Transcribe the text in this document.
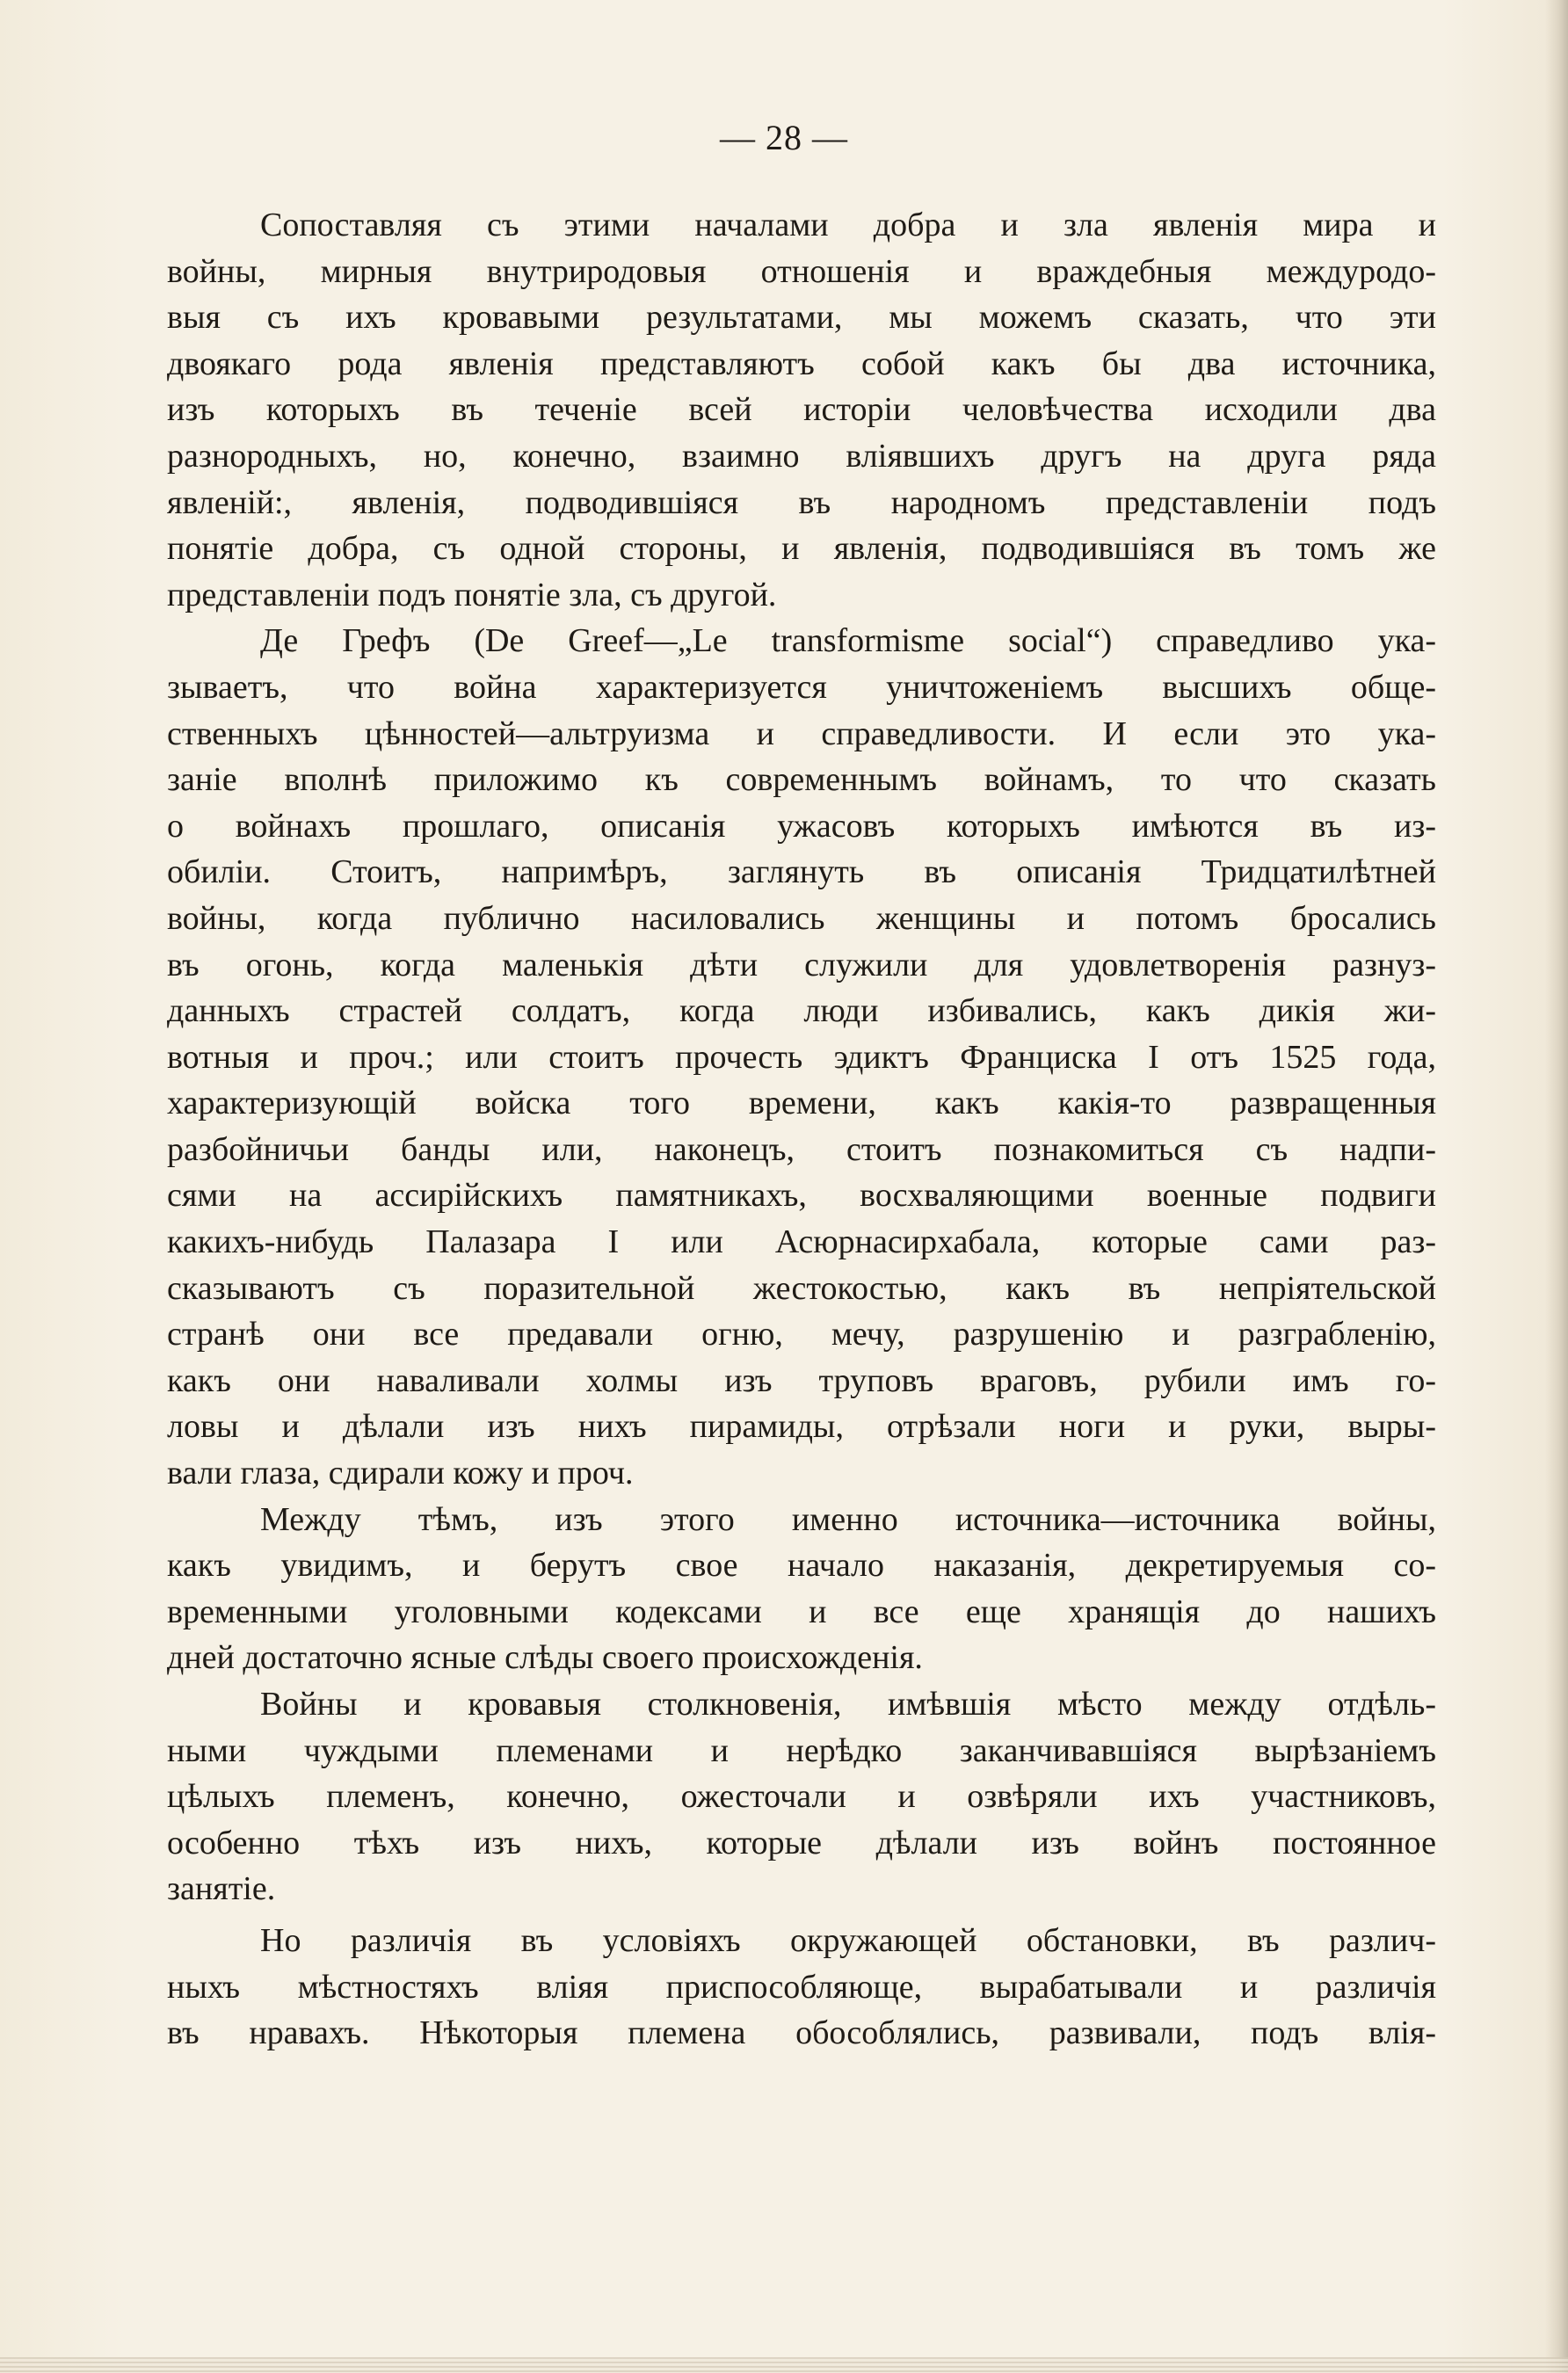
— 28 —

Сопоставляя съ этими началами добра и зла явленія мира и
войны, мирныя внутриродовыя отношенія и враждебныя междуродо-
выя съ ихъ кровавыми результатами, мы можемъ сказать, что эти
двоякаго рода явленія представляютъ собой какъ бы два источника,
изъ которыхъ въ теченіе всей исторіи человѣчества исходили два
разнородныхъ, но, конечно, взаимно вліявшихъ другъ на друга ряда
явленій:, явленія, подводившіяся въ народномъ представленіи подъ
понятіе добра, съ одной стороны, и явленія, подводившіяся въ томъ же
представленіи подъ понятіе зла, съ другой.

Де Грефъ (De Greef—„Le transformisme social“) справедливо ука-
зываетъ, что война характеризуется уничтоженіемъ высшихъ обще-
ственныхъ цѣнностей—альтруизма и справедливости. И если это ука-
заніе вполнѣ приложимо къ современнымъ войнамъ, то что сказать
о войнахъ прошлаго, описанія ужасовъ которыхъ имѣются въ из-
обиліи. Стоитъ, напримѣръ, заглянуть въ описанія Тридцатилѣтней
войны, когда публично насиловались женщины и потомъ бросались
въ огонь, когда маленькія дѣти служили для удовлетворенія разнуз-
данныхъ страстей солдатъ, когда люди избивались, какъ дикія жи-
вотныя и проч.; или стоитъ прочесть эдиктъ Франциска I отъ 1525 года,
характеризующій войска того времени, какъ какія-то развращенныя
разбойничьи банды или, наконецъ, стоитъ познакомиться съ надпи-
сями на ассирійскихъ памятникахъ, восхваляющими военные подвиги
какихъ-нибудь Палазара I или Асюрнасирхабала, которые сами раз-
сказываютъ съ поразительной жестокостью, какъ въ непріятельской
странѣ они все предавали огню, мечу, разрушенію и разграбленію,
какъ они наваливали холмы изъ труповъ враговъ, рубили имъ го-
ловы и дѣлали изъ нихъ пирамиды, отрѣзали ноги и руки, выры-
вали глаза, сдирали кожу и проч.

Между тѣмъ, изъ этого именно источника—источника войны,
какъ увидимъ, и берутъ свое начало наказанія, декретируемыя со-
временными уголовными кодексами и все еще хранящія до нашихъ
дней достаточно ясные слѣды своего происхожденія.

Войны и кровавыя столкновенія, имѣвшія мѣсто между отдѣль-
ными чуждыми племенами и нерѣдко заканчивавшіяся вырѣзаніемъ
цѣлыхъ племенъ, конечно, ожесточали и озвѣряли ихъ участниковъ,
особенно тѣхъ изъ нихъ, которые дѣлали изъ войнъ постоянное
занятіе.

Но различія въ условіяхъ окружающей обстановки, въ различ-
ныхъ мѣстностяхъ вліяя приспособляюще, вырабатывали и различія
въ нравахъ. Нѣкоторыя племена обособлялись, развивали, подъ влія-
